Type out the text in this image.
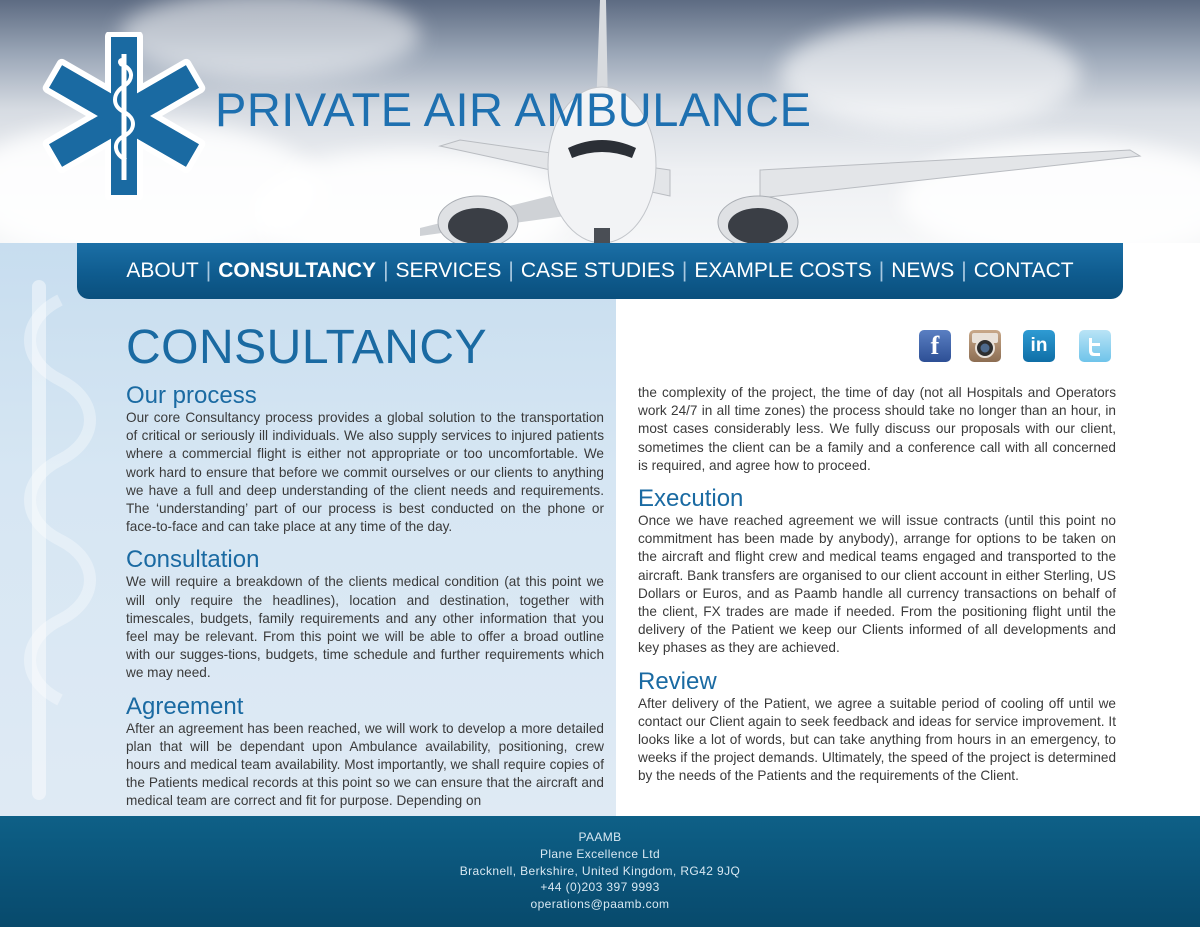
PRIVATE AIR AMBULANCE
ABOUT | CONSULTANCY | SERVICES | CASE STUDIES | EXAMPLE COSTS | NEWS | CONTACT
f	in
CONSULTANCY
Our process

Our core Consultancy process provides a global solution to the transportation of critical or seriously ill individuals. We also supply services to injured patients where a commercial flight is either not appropriate or too uncomfortable. We work hard to ensure that before we commit ourselves or our clients to anything we have a full and deep understanding of the client needs and requirements. The ‘understanding’ part of our process is best conducted on the phone or face-to-face and can take place at any time of the day.

Consultation

We will require a breakdown of the clients medical condition (at this point we will only require the headlines), location and destination, together with timescales, budgets, family requirements and any other information that you feel may be relevant. From this point we will be able to offer a broad outline with our sugges-tions, budgets, time schedule and further requirements which we may need.

Agreement

After an agreement has been reached, we will work to develop a more detailed plan that will be dependant upon Ambulance availability, positioning, crew hours and medical team availability. Most importantly, we shall require copies of the Patients medical records at this point so we can ensure that the aircraft and medical team are correct and fit for purpose. Depending on

the complexity of the project, the time of day (not all Hospitals and Operators work 24/7 in all time zones) the process should take no longer than an hour, in most cases considerably less. We fully discuss our proposals with our client, sometimes the client can be a family and a conference call with all concerned is required, and agree how to proceed.

Execution

Once we have reached agreement we will issue contracts (until this point no commitment has been made by anybody), arrange for options to be taken on the aircraft and flight crew and medical teams engaged and transported to the aircraft. Bank transfers are organised to our client account in either Sterling, US Dollars or Euros, and as Paamb handle all currency transactions on behalf of the client, FX trades are made if needed. From the positioning flight until the delivery of the Patient we keep our Clients informed of all developments and key phases as they are achieved.

Review

After delivery of the Patient, we agree a suitable period of cooling off until we contact our Client again to seek feedback and ideas for service improvement. It looks like a lot of words, but can take anything from hours in an emergency, to weeks if the project demands. Ultimately, the speed of the project is determined by the needs of the Patients and the requirements of the Client.

PAAMB
Plane Excellence Ltd
Bracknell, Berkshire, United Kingdom, RG42 9JQ
+44 (0)203 397 9993
operations@paamb.com
